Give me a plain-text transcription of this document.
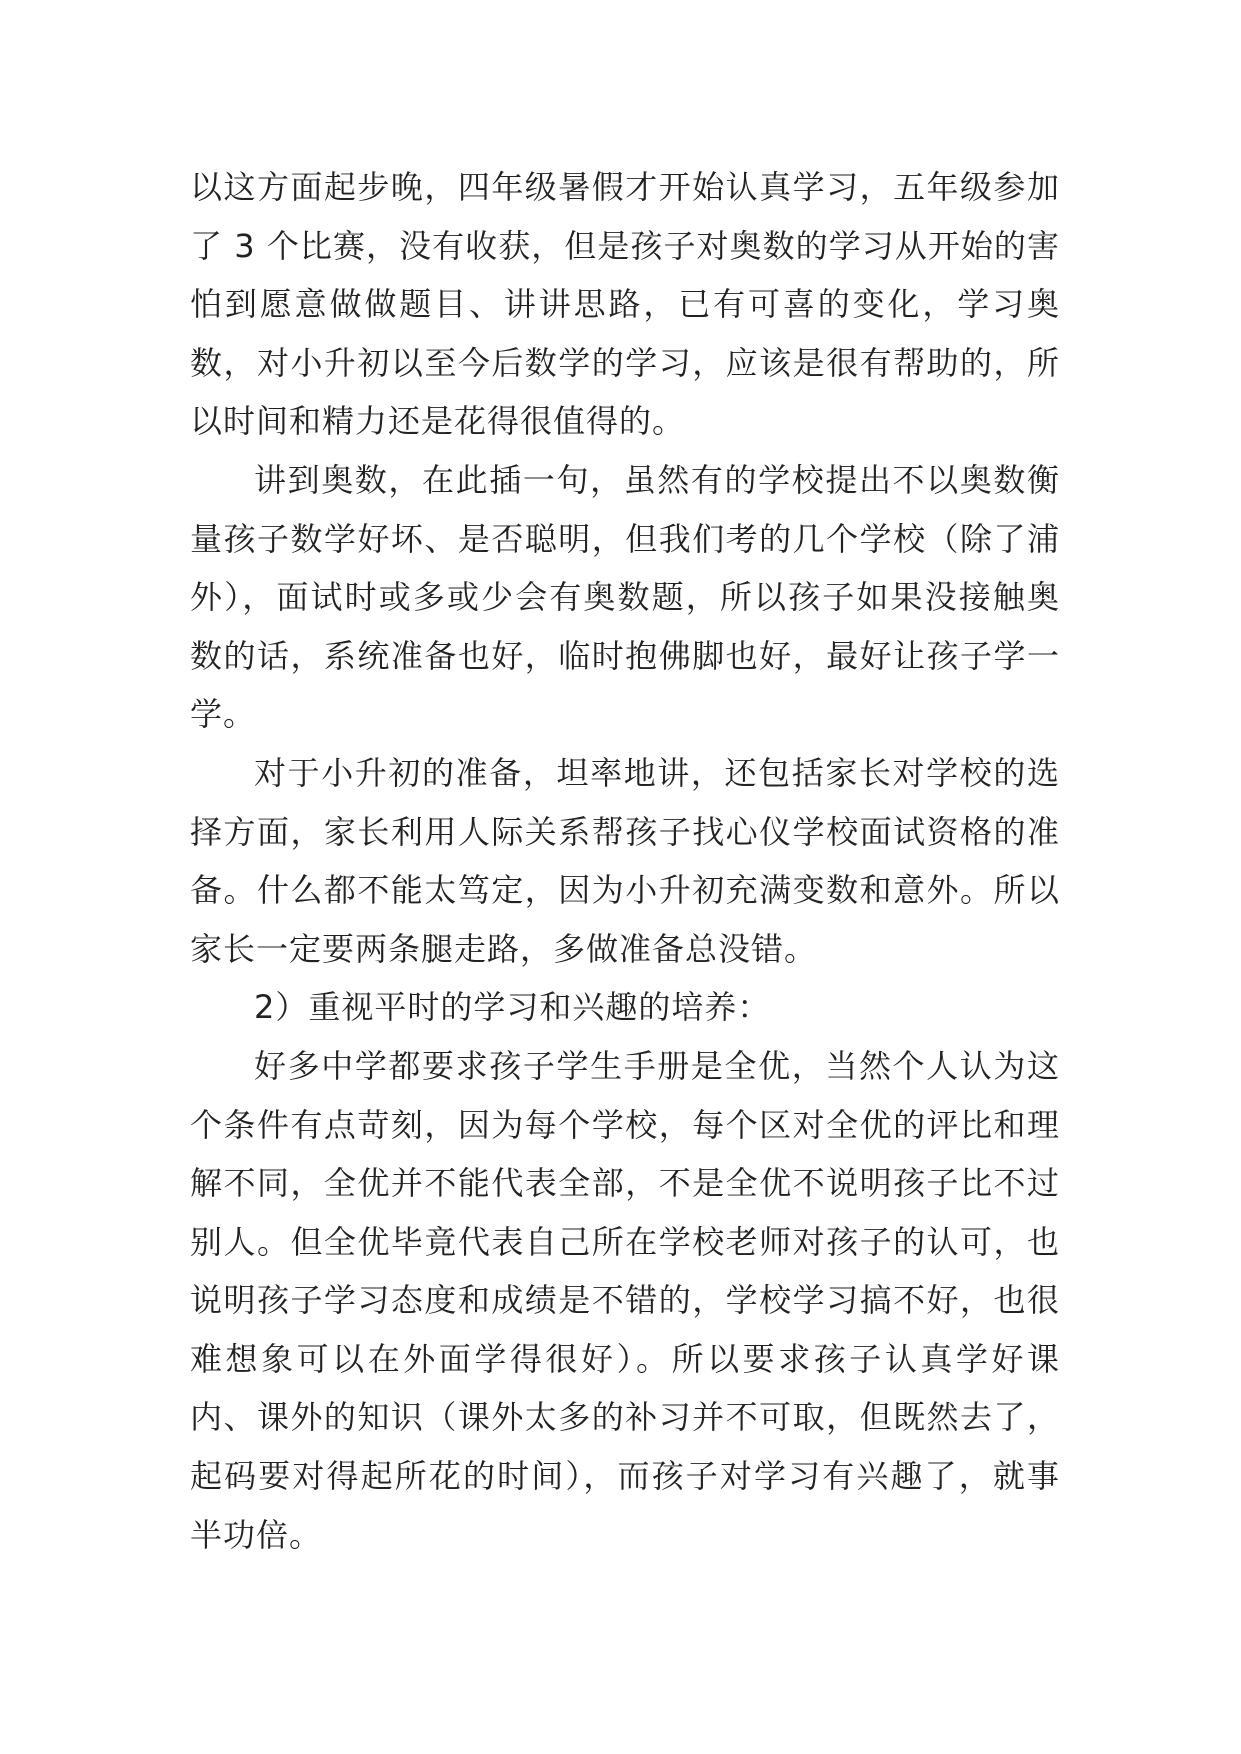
以这方面起步晚，四年级暑假才开始认真学习，五年级参加了 3 个比赛，没有收获，但是孩子对奥数的学习从开始的害怕到愿意做做题目、讲讲思路，已有可喜的变化，学习奥数，对小升初以至今后数学的学习，应该是很有帮助的，所以时间和精力还是花得很值得的。

讲到奥数，在此插一句，虽然有的学校提出不以奥数衡量孩子数学好坏、是否聪明，但我们考的几个学校（除了浦外），面试时或多或少会有奥数题，所以孩子如果没接触奥数的话，系统准备也好，临时抱佛脚也好，最好让孩子学一学。

对于小升初的准备，坦率地讲，还包括家长对学校的选择方面，家长利用人际关系帮孩子找心仪学校面试资格的准备。什么都不能太笃定，因为小升初充满变数和意外。所以家长一定要两条腿走路，多做准备总没错。

2）重视平时的学习和兴趣的培养：

好多中学都要求孩子学生手册是全优，当然个人认为这个条件有点苛刻，因为每个学校，每个区对全优的评比和理解不同，全优并不能代表全部，不是全优不说明孩子比不过别人。但全优毕竟代表自己所在学校老师对孩子的认可，也说明孩子学习态度和成绩是不错的，学校学习搞不好，也很难想象可以在外面学得很好）。所以要求孩子认真学好课内、课外的知识（课外太多的补习并不可取，但既然去了，起码要对得起所花的时间），而孩子对学习有兴趣了，就事半功倍。
